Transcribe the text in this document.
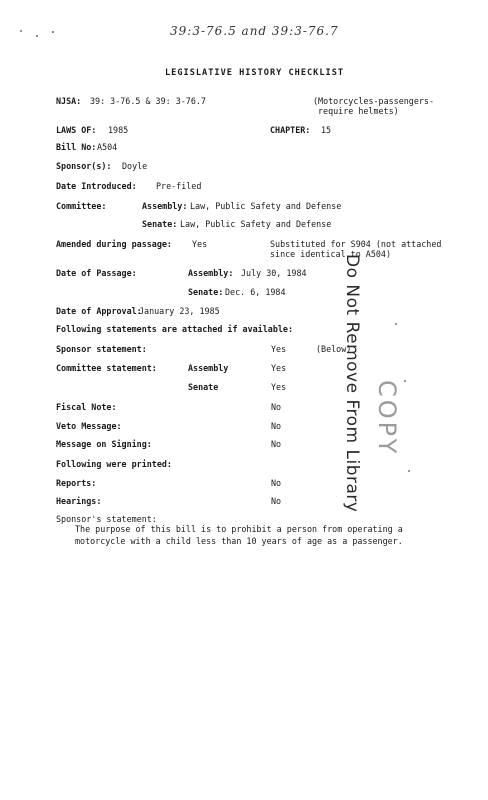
39:3-76.5 and 39:3-76.7
LEGISLATIVE HISTORY CHECKLIST
NJSA: 39: 3-76.5 & 39: 3-76.7	(Motorcycles-passengers-
require helmets)
LAWS OF: 1985	CHAPTER: 15
Bill No: A504
Sponsor(s): Doyle
Date Introduced: Pre-filed
Committee:	Assembly: Law, Public Safety and Defense
Senate: Law, Public Safety and Defense
Amended during passage: Yes	Substituted for S904 (not attached
since identical to A504)
Date of Passage:	Assembly: July 30, 1984
Senate: Dec. 6, 1984
Date of Approval:
January 23, 1985
Following statements are attached if available:
Sponsor statement:	Yes	(Below)
Committee statement:	Assembly	Yes
Senate	Yes
Fiscal Note:	No
Veto Message:	No
Message on Signing:	No
Following were printed:
Reports:	No
Hearings:	No
Sponsor's statement:
The purpose of this bill is to prohibit a person from operating a motorcycle with a child less than 10 years of age as a passenger.
Do Not Remove From Library COPY
